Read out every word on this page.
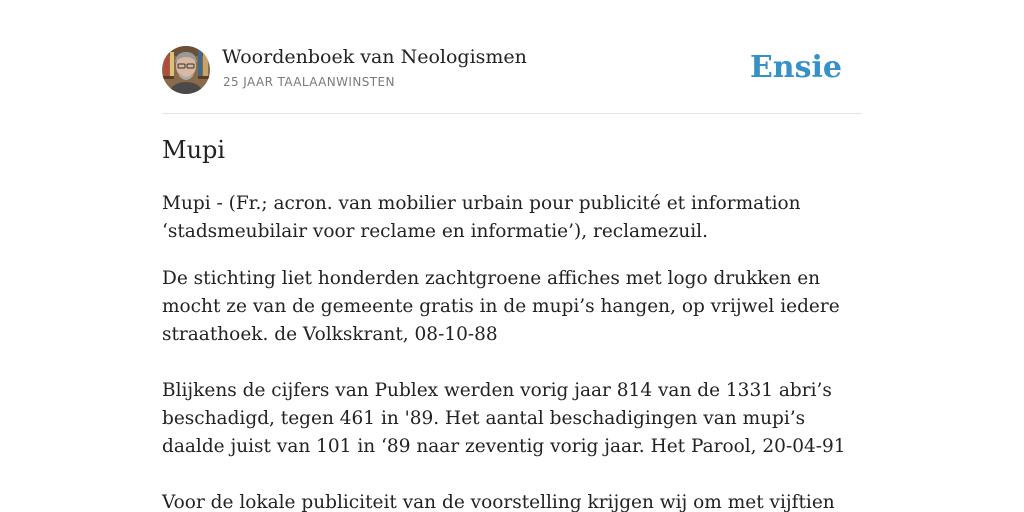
Woordenboek van Neologismen
25 JAAR TAALAANWINSTEN	Ensie
Mupi

Mupi - (Fr.; acron. van mobilier urbain pour publicité et information ‘stadsmeubilair voor reclame en informatie’), reclamezuil.

De stichting liet honderden zachtgroene affiches met logo drukken en mocht ze van de gemeente gratis in de mupi’s hangen, op vrijwel iedere straathoek. de Volkskrant, 08-10-88

Blijkens de cijfers van Publex werden vorig jaar 814 van de 1331 abri’s beschadigd, tegen 461 in '89. Het aantal beschadigingen van mupi’s daalde juist van 101 in ‘89 naar zeventig vorig jaar. Het Parool, 20-04-91

Voor de lokale publiciteit van de voorstelling krijgen wij om met vijftien
